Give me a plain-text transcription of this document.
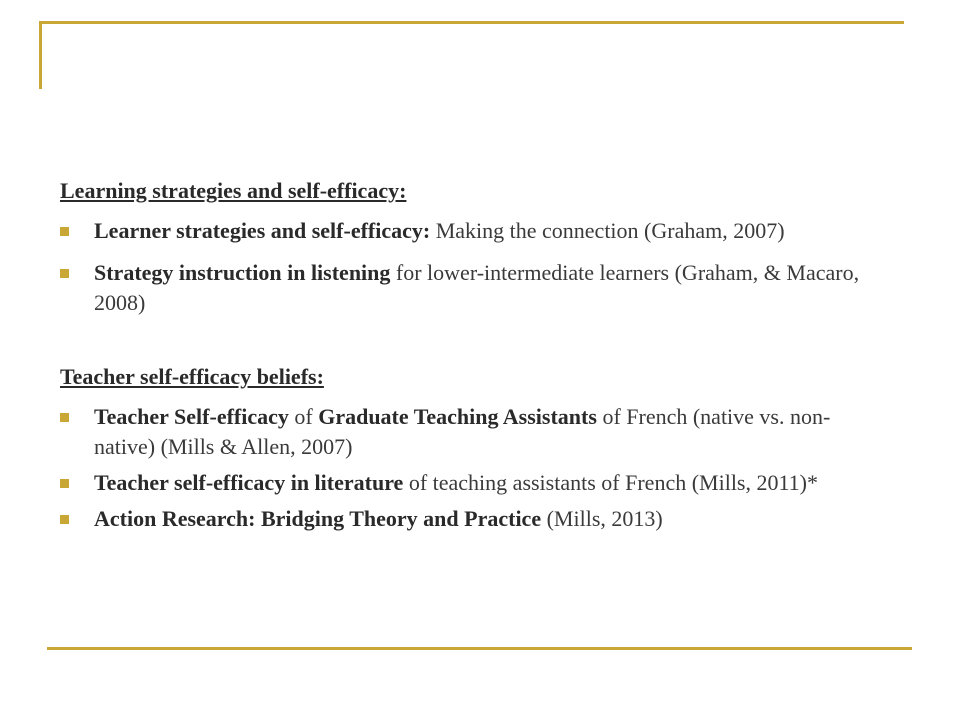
Learning strategies and self-efficacy:

Learner strategies and self-efficacy: Making the connection (Graham, 2007)
Strategy instruction in listening for lower-intermediate learners (Graham, & Macaro, 2008)

Teacher self-efficacy beliefs:

Teacher Self-efficacy of Graduate Teaching Assistants of French (native vs. non-native) (Mills & Allen, 2007)
Teacher self-efficacy in literature of teaching assistants of French (Mills, 2011)*
Action Research: Bridging Theory and Practice (Mills, 2013)
